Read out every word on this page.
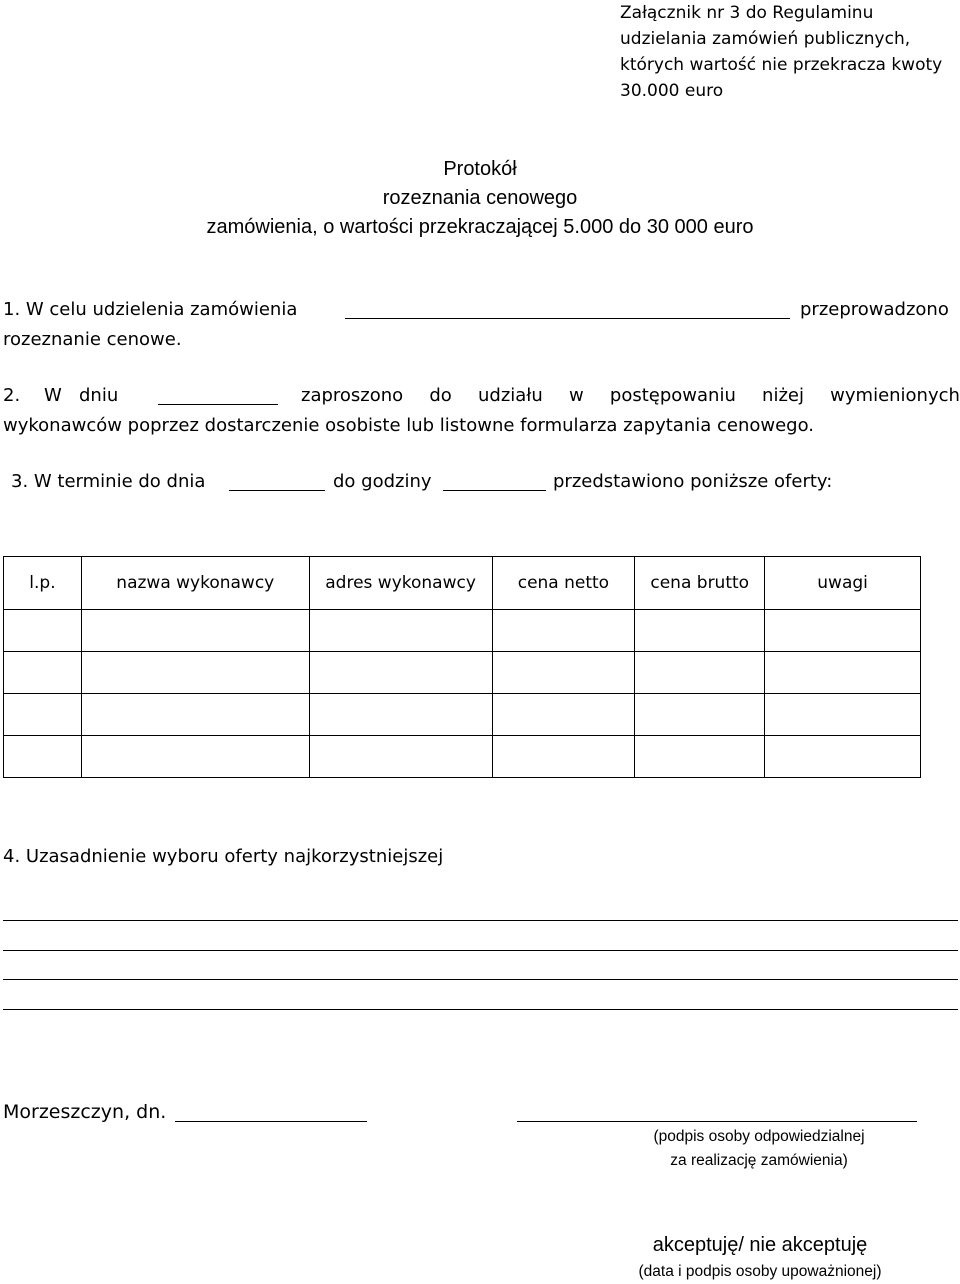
Załącznik nr 3 do Regulaminu
udzielania zamówień publicznych,
których wartość nie przekracza kwoty
30.000 euro
Protokół
rozeznania cenowego
zamówienia, o wartości przekraczającej 5.000 do 30 000 euro
1. W celu udzielenia zamówienia	przeprowadzono
rozeznanie cenowe.
2. W dniu	zaproszono do udziału w postępowaniu niżej wymienionych
wykonawców poprzez dostarczenie osobiste lub listowne formularza zapytania cenowego.
3. W terminie do dnia	do godziny	przedstawiono poniższe oferty:
l.p.	nazwa wykonawcy	adres wykonawcy	cena netto	cena brutto	uwagi

4. Uzasadnienie wyboru oferty najkorzystniejszej
Morzeszczyn, dn.
(podpis osoby odpowiedzialnej
za realizację zamówienia)
akceptuję/ nie akceptuję
(data i podpis osoby upoważnionej)
